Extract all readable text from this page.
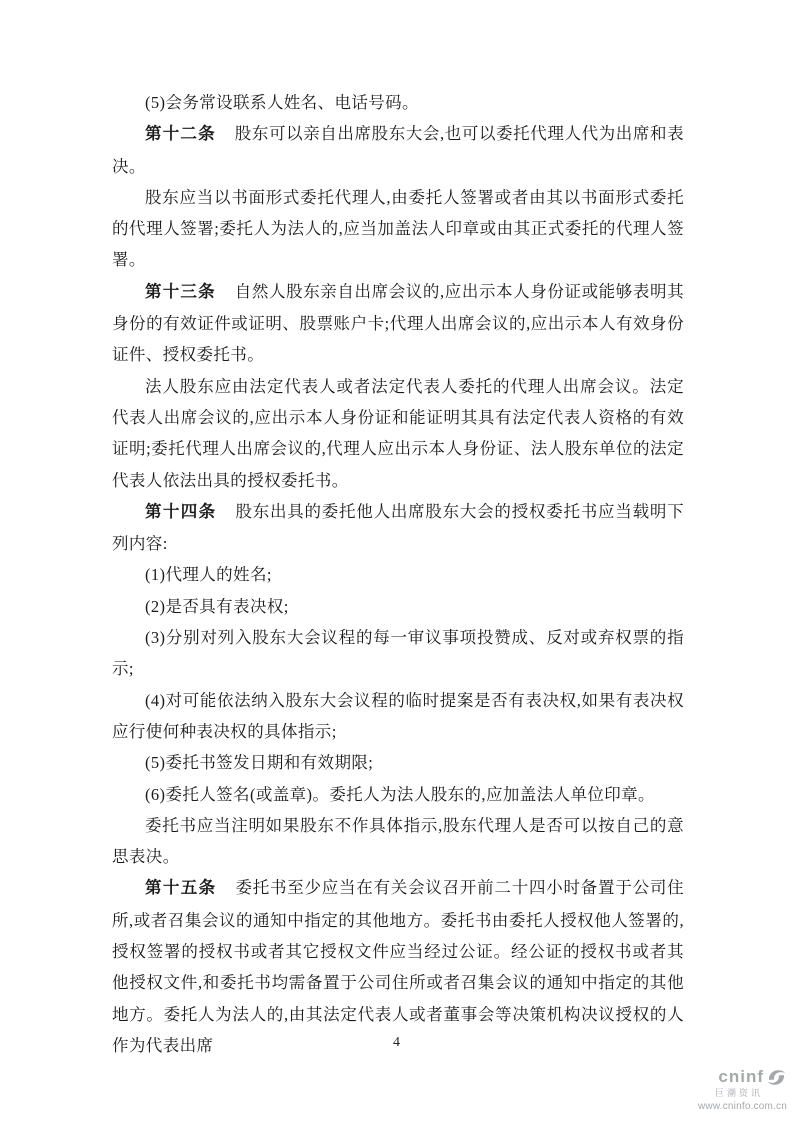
(5)会务常设联系人姓名、电话号码。

第十二条 股东可以亲自出席股东大会,也可以委托代理人代为出席和表决。

股东应当以书面形式委托代理人,由委托人签署或者由其以书面形式委托的代理人签署;委托人为法人的,应当加盖法人印章或由其正式委托的代理人签署。

第十三条 自然人股东亲自出席会议的,应出示本人身份证或能够表明其身份的有效证件或证明、股票账户卡;代理人出席会议的,应出示本人有效身份证件、授权委托书。

法人股东应由法定代表人或者法定代表人委托的代理人出席会议。法定代表人出席会议的,应出示本人身份证和能证明其具有法定代表人资格的有效证明;委托代理人出席会议的,代理人应出示本人身份证、法人股东单位的法定代表人依法出具的授权委托书。

第十四条 股东出具的委托他人出席股东大会的授权委托书应当载明下列内容:

(1)代理人的姓名;

(2)是否具有表决权;

(3)分别对列入股东大会议程的每一审议事项投赞成、反对或弃权票的指示;

(4)对可能依法纳入股东大会议程的临时提案是否有表决权,如果有表决权应行使何种表决权的具体指示;

(5)委托书签发日期和有效期限;

(6)委托人签名(或盖章)。委托人为法人股东的,应加盖法人单位印章。

委托书应当注明如果股东不作具体指示,股东代理人是否可以按自己的意思表决。

第十五条 委托书至少应当在有关会议召开前二十四小时备置于公司住所,或者召集会议的通知中指定的其他地方。委托书由委托人授权他人签署的,授权签署的授权书或者其它授权文件应当经过公证。经公证的授权书或者其他授权文件,和委托书均需备置于公司住所或者召集会议的通知中指定的其他地方。委托人为法人的,由其法定代表人或者董事会等决策机构决议授权的人作为代表出席	4
cninf
巨潮资讯
www.cninfo.com.cn
